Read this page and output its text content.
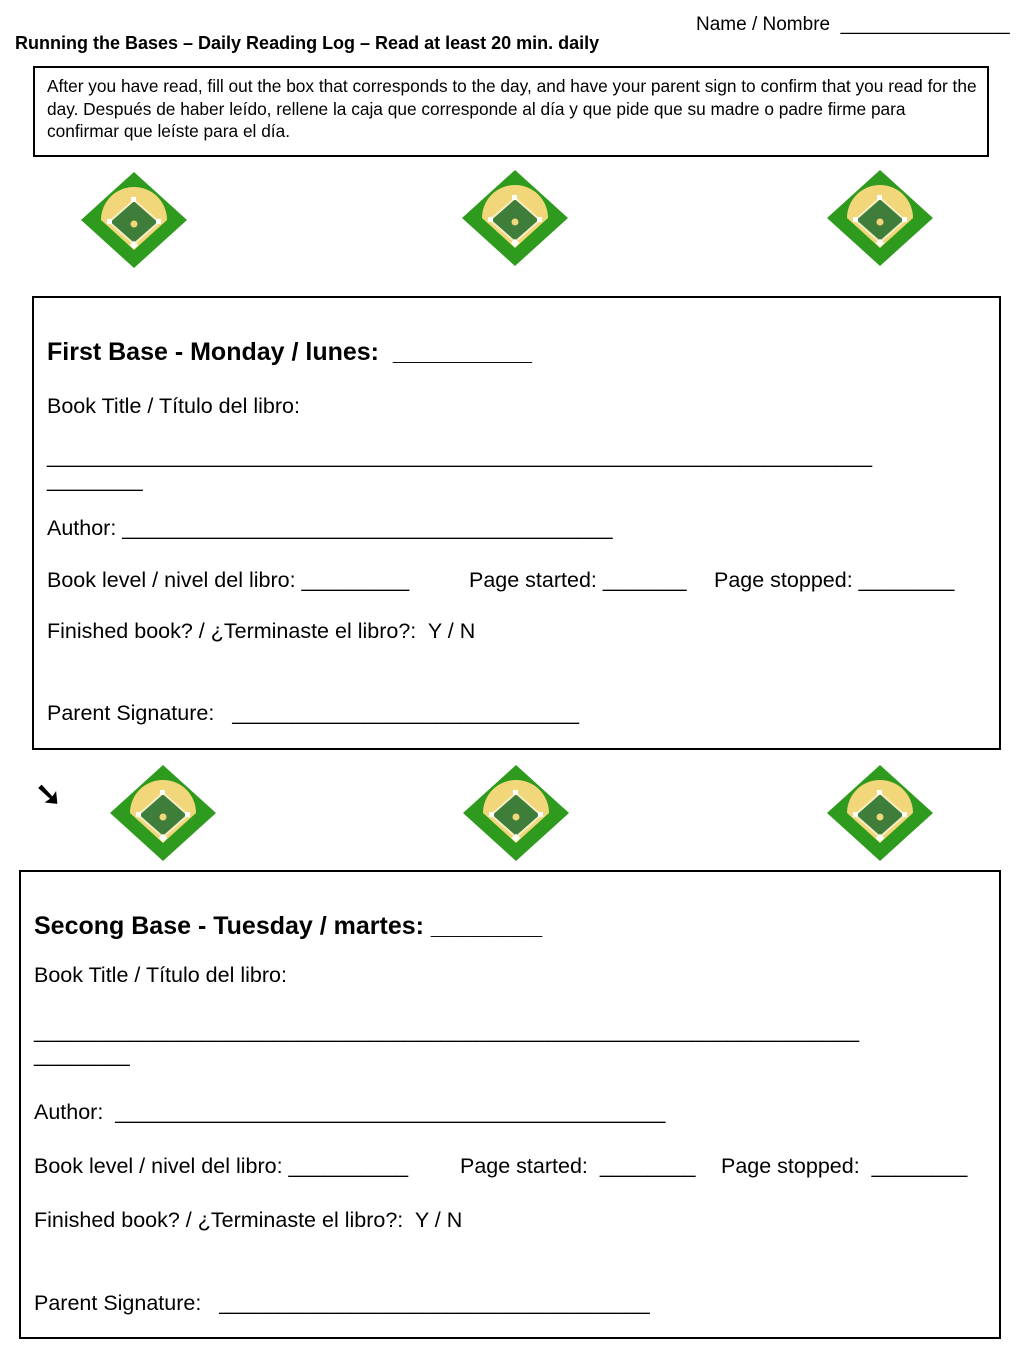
Name / Nombre  ________________
Running the Bases – Daily Reading Log – Read at least 20 min. daily
After you have read, fill out the box that corresponds to the day, and have your parent sign to confirm that you read for the day. Después de haber leído, rellene la caja que corresponde al día y que pide que su madre o padre firme para confirmar que leíste para el día.
First Base - Monday / lunes:  __________
Book Title / Título del libro:
_____________________________________________________________________
________
Author: _________________________________________
Book level / nivel del libro: _________	Page started: _______ Page stopped: ________
Finished book? / ¿Terminaste el libro?:  Y / N
Parent Signature:   _____________________________
➘
Secong Base - Tuesday / martes: ________
Book Title / Título del libro:
_____________________________________________________________________
________
Author:  ______________________________________________
Book level / nivel del libro: __________ Page started:  ________ Page stopped:  ________
Finished book? / ¿Terminaste el libro?:  Y / N
Parent Signature:   ____________________________________
